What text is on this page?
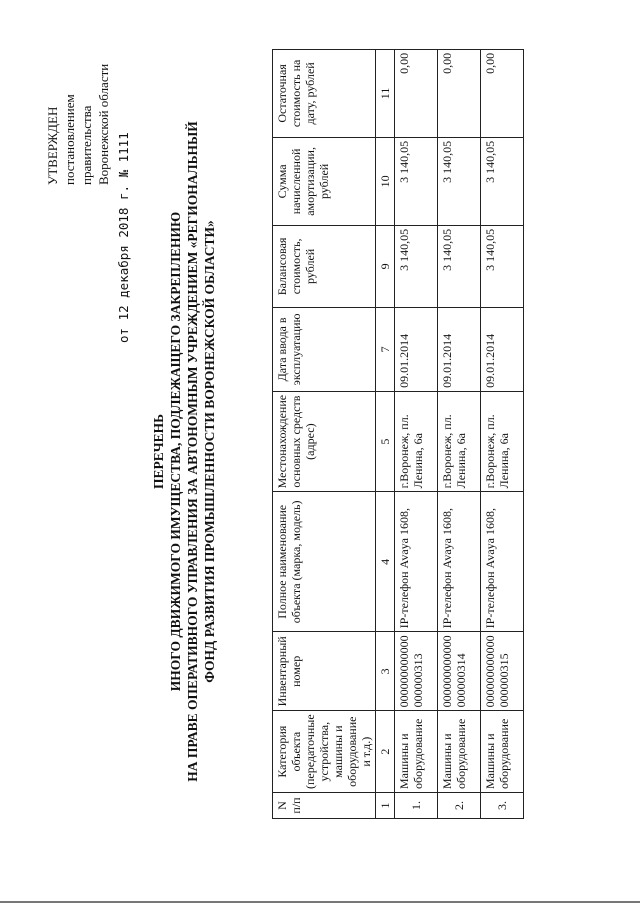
УТВЕРЖДЕН постановлением правительства Воронежской области
от 12 декабря 2018 г. № 1111
ПЕРЕЧЕНЬ ИНОГО ДВИЖИМОГО ИМУЩЕСТВА, ПОДЛЕЖАЩЕГО ЗАКРЕПЛЕНИЮ НА ПРАВЕ ОПЕРАТИВНОГО УПРАВЛЕНИЯ ЗА АВТОНОМНЫМ УЧРЕЖДЕНИЕМ «РЕГИОНАЛЬНЫЙ ФОНД РАЗВИТИЯ ПРОМЫШЛЕННОСТИ ВОРОНЕЖСКОЙ ОБЛАСТИ»
N п/п	Категория объекта (передаточные устройства, машины и оборудование и т.д.)	Инвентарный номер	Полное наименование объекта (марка, модель)	Местонахождение основных средств (адрес)	Дата ввода в эксплуатацию	Балансовая стоимость, рублей	Сумма начисленной амортизации, рублей	Остаточная стоимость на дату, рублей
1	2	3	4	5	7	9	10	11
1.	Машины и оборудование	000000000000 000000313	IP-телефон Avaya 1608,	г.Воронеж, пл. Ленина, 6а	09.01.2014	3 140,05	3 140,05	0,00
2.	Машины и оборудование	000000000000 000000314	IP-телефон Avaya 1608,	г.Воронеж, пл. Ленина, 6а	09.01.2014	3 140,05	3 140,05	0,00
3.	Машины и оборудование	000000000000 000000315	IP-телефон Avaya 1608,	г.Воронеж, пл. Ленина, 6а	09.01.2014	3 140,05	3 140,05	0,00
